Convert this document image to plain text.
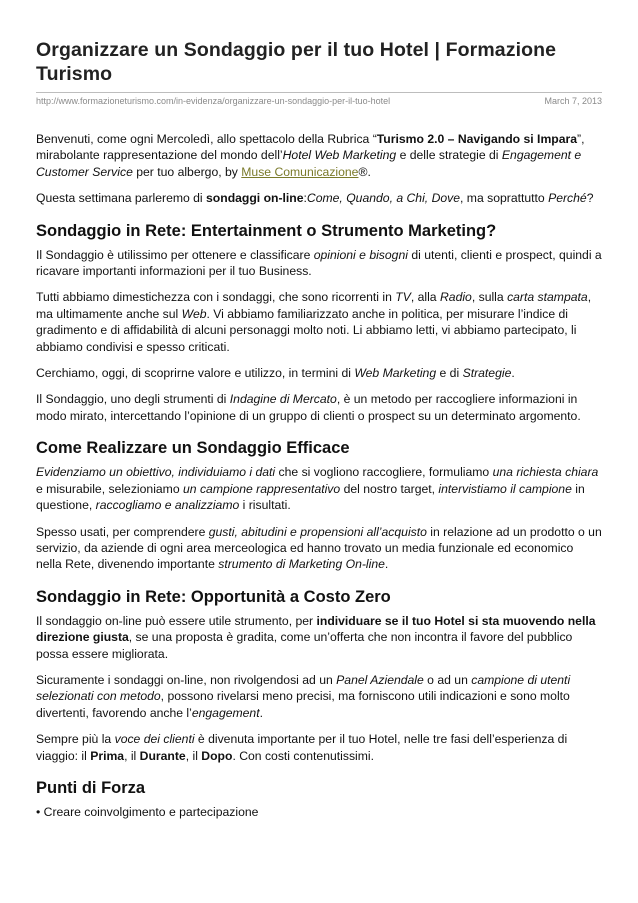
Organizzare un Sondaggio per il tuo Hotel | Formazione Turismo
http://www.formazioneturismo.com/in-evidenza/organizzare-un-sondaggio-per-il-tuo-hotel	March 7, 2013

Benvenuti, come ogni Mercoledì, allo spettacolo della Rubrica “Turismo 2.0 – Navigando si Impara”, mirabolante rappresentazione del mondo dell’Hotel Web Marketing e delle strategie di Engagement e Customer Service per tuo albergo, by Muse Comunicazione®.

Questa settimana parleremo di sondaggi on-line:Come, Quando, a Chi, Dove, ma soprattutto Perché?

Sondaggio in Rete: Entertainment o Strumento Marketing?

Il Sondaggio è utilissimo per ottenere e classificare opinioni e bisogni di utenti, clienti e prospect, quindi a ricavare importanti informazioni per il tuo Business.

Tutti abbiamo dimestichezza con i sondaggi, che sono ricorrenti in TV, alla Radio, sulla carta stampata, ma ultimamente anche sul Web. Vi abbiamo familiarizzato anche in politica, per misurare l’indice di gradimento e di affidabilità di alcuni personaggi molto noti. Li abbiamo letti, vi abbiamo partecipato, li abbiamo condivisi e spesso criticati.

Cerchiamo, oggi, di scoprirne valore e utilizzo, in termini di Web Marketing e di Strategie.

Il Sondaggio, uno degli strumenti di Indagine di Mercato, è un metodo per raccogliere informazioni in modo mirato, intercettando l’opinione di un gruppo di clienti o prospect su un determinato argomento.

Come Realizzare un Sondaggio Efficace

Evidenziamo un obiettivo, individuiamo i dati che si vogliono raccogliere, formuliamo una richiesta chiara e misurabile, selezioniamo un campione rappresentativo del nostro target, intervistiamo il campione in questione, raccogliamo e analizziamo i risultati.

Spesso usati, per comprendere gusti, abitudini e propensioni all’acquisto in relazione ad un prodotto o un servizio, da aziende di ogni area merceologica ed hanno trovato un media funzionale ed economico nella Rete, divenendo importante strumento di Marketing On-line.

Sondaggio in Rete: Opportunità a Costo Zero

Il sondaggio on-line può essere utile strumento, per individuare se il tuo Hotel si sta muovendo nella direzione giusta, se una proposta è gradita, come un’offerta che non incontra il favore del pubblico possa essere migliorata.

Sicuramente i sondaggi on-line, non rivolgendosi ad un Panel Aziendale o ad un campione di utenti selezionati con metodo, possono rivelarsi meno precisi, ma forniscono utili indicazioni e sono molto divertenti, favorendo anche l’engagement.

Sempre più la voce dei clienti è divenuta importante per il tuo Hotel, nelle tre fasi dell’esperienza di viaggio: il Prima, il Durante, il Dopo. Con costi contenutissimi.

Punti di Forza

• Creare coinvolgimento e partecipazione
